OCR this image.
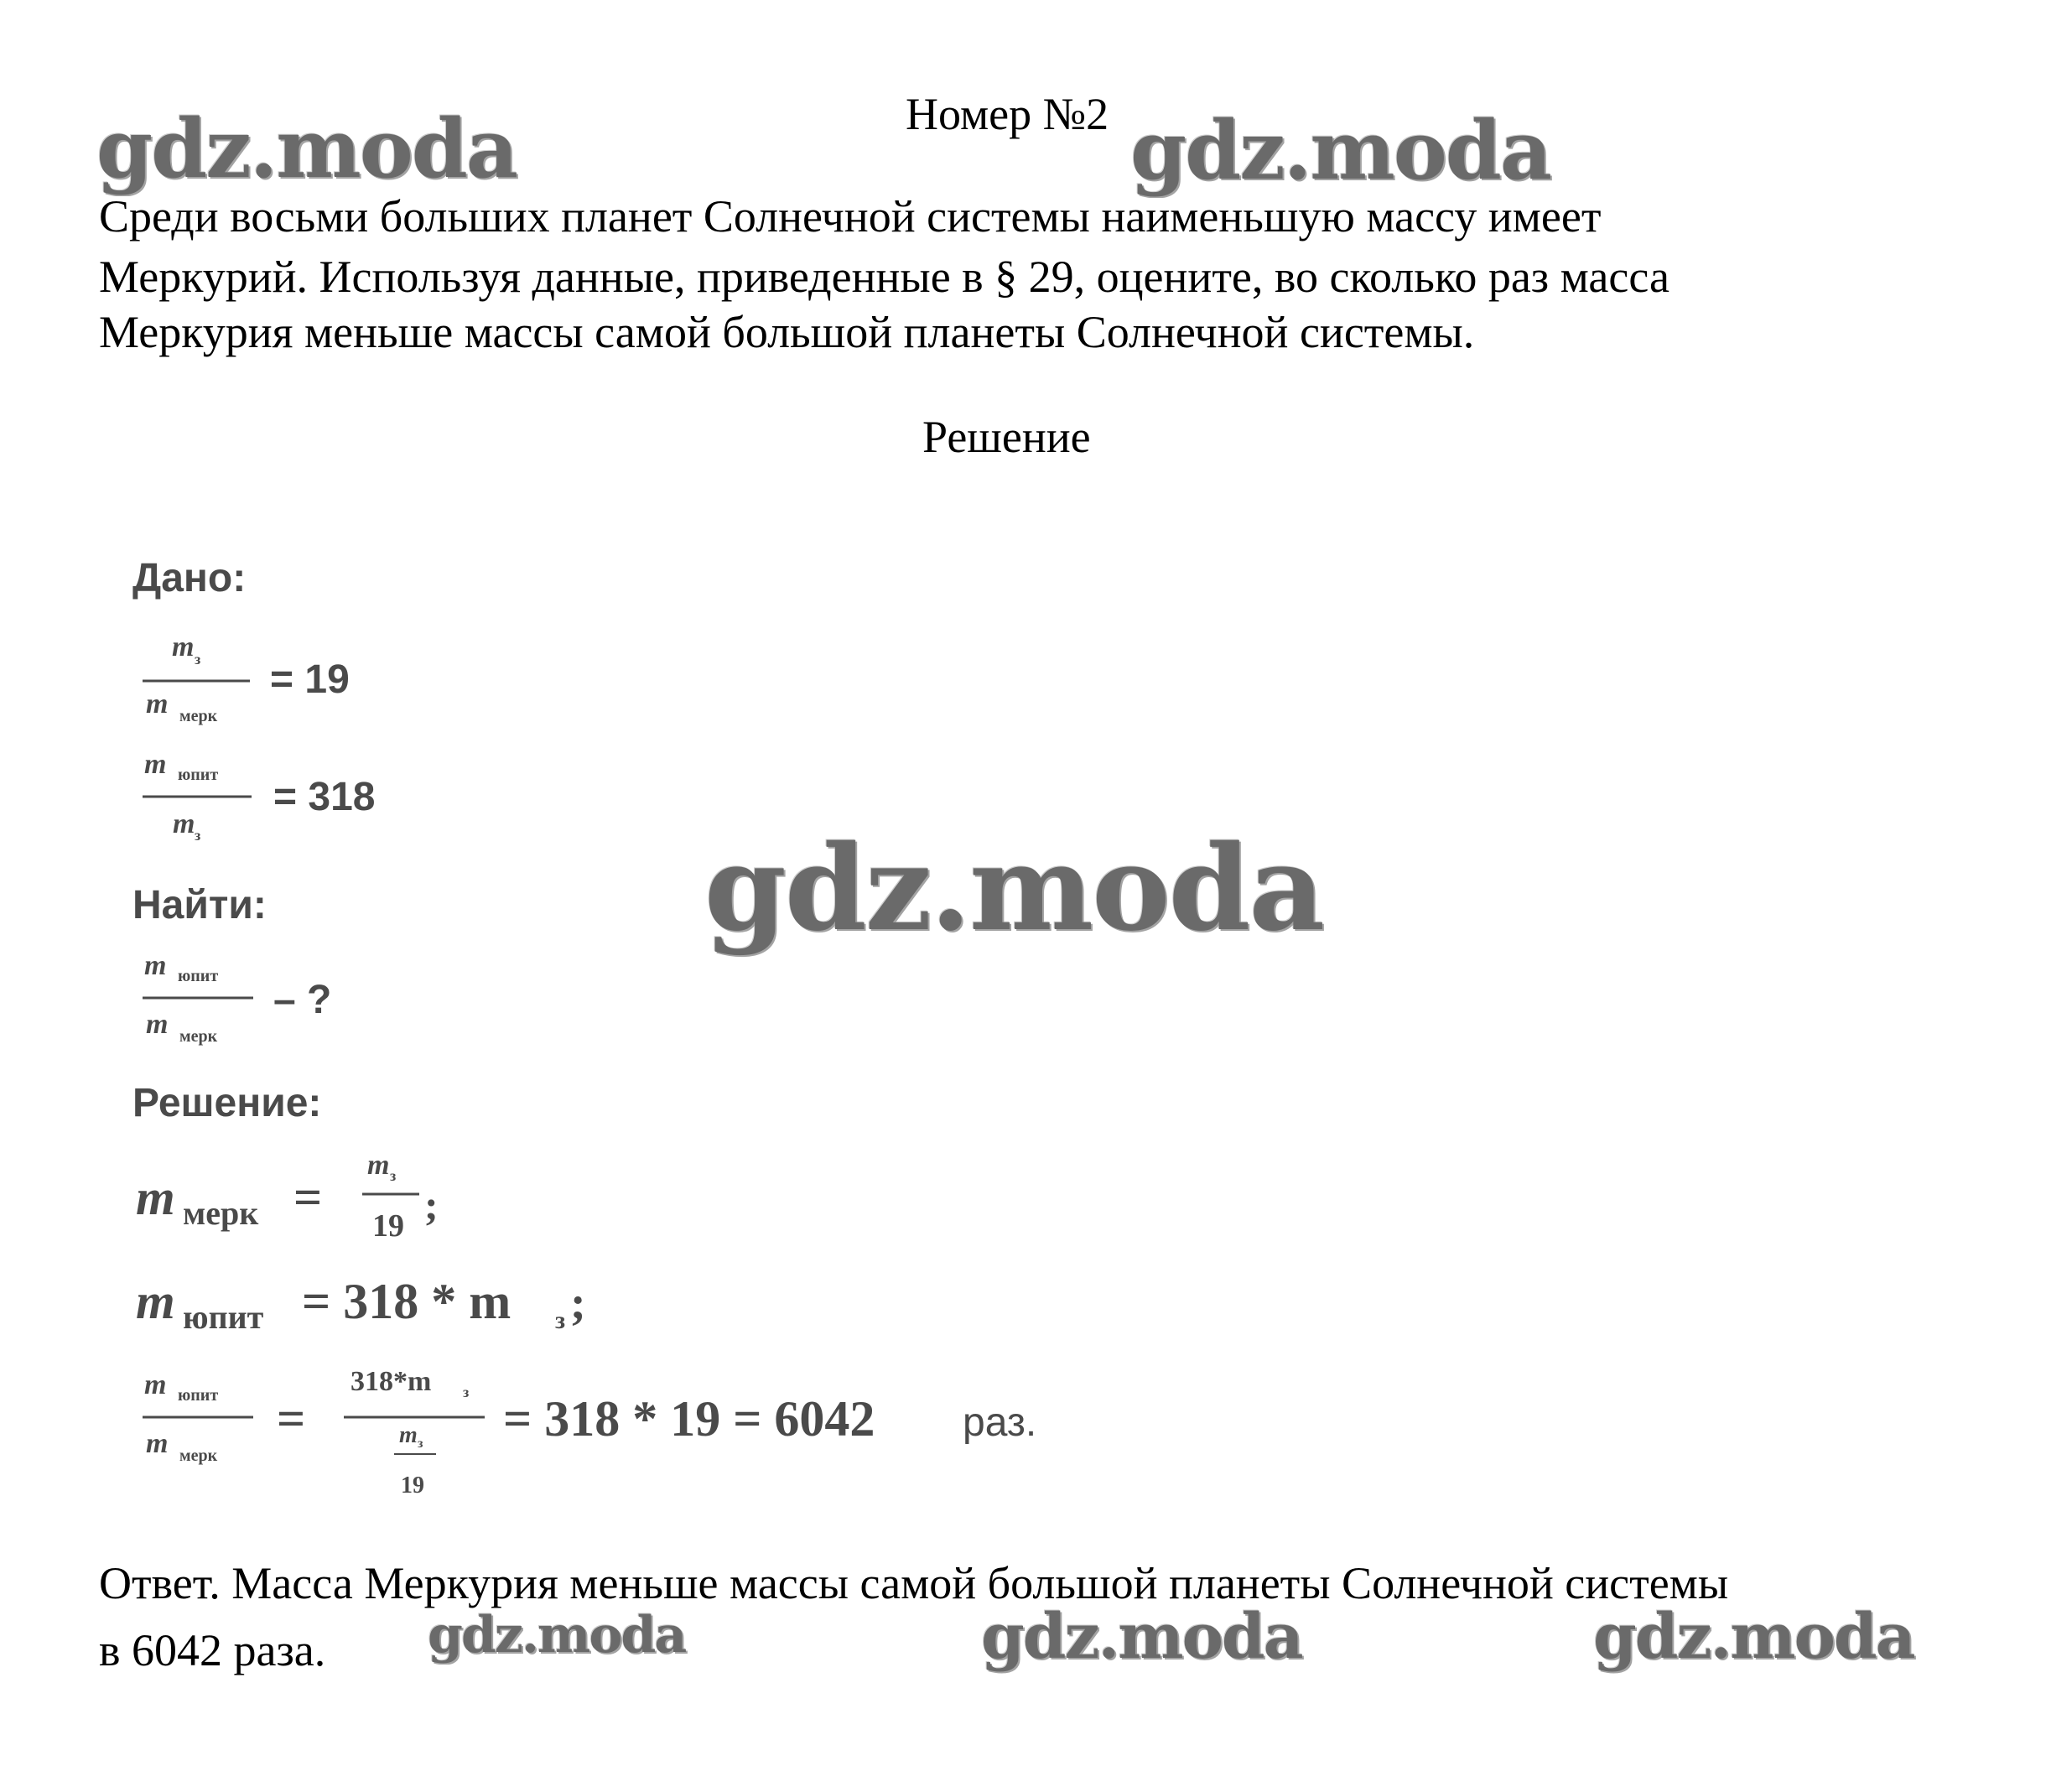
gdz.moda	gdz.moda
gdz.moda
gdz.moda	gdz.moda	gdz.moda
Номер №2
Среди восьми больших планет Солнечной системы наименьшую массу имеет
Меркурий. Используя данные, приведенные в § 29, оцените, во сколько раз масса
Меркурия меньше массы самой большой планеты Солнечной системы.
Решение
Дано:
Найти:
Решение:
m з
m мерк
= 19
m юпит
m з
= 318
m юпит
m мерк
– ?
m мерк =
m з
19 ;
m юпит = 318 * m з ;
m юпит
m мерк
=
318*m з
m з
19
= 318 * 19 = 6042 раз.
Ответ. Масса Меркурия меньше массы самой большой планеты Солнечной системы
в 6042 раза.
